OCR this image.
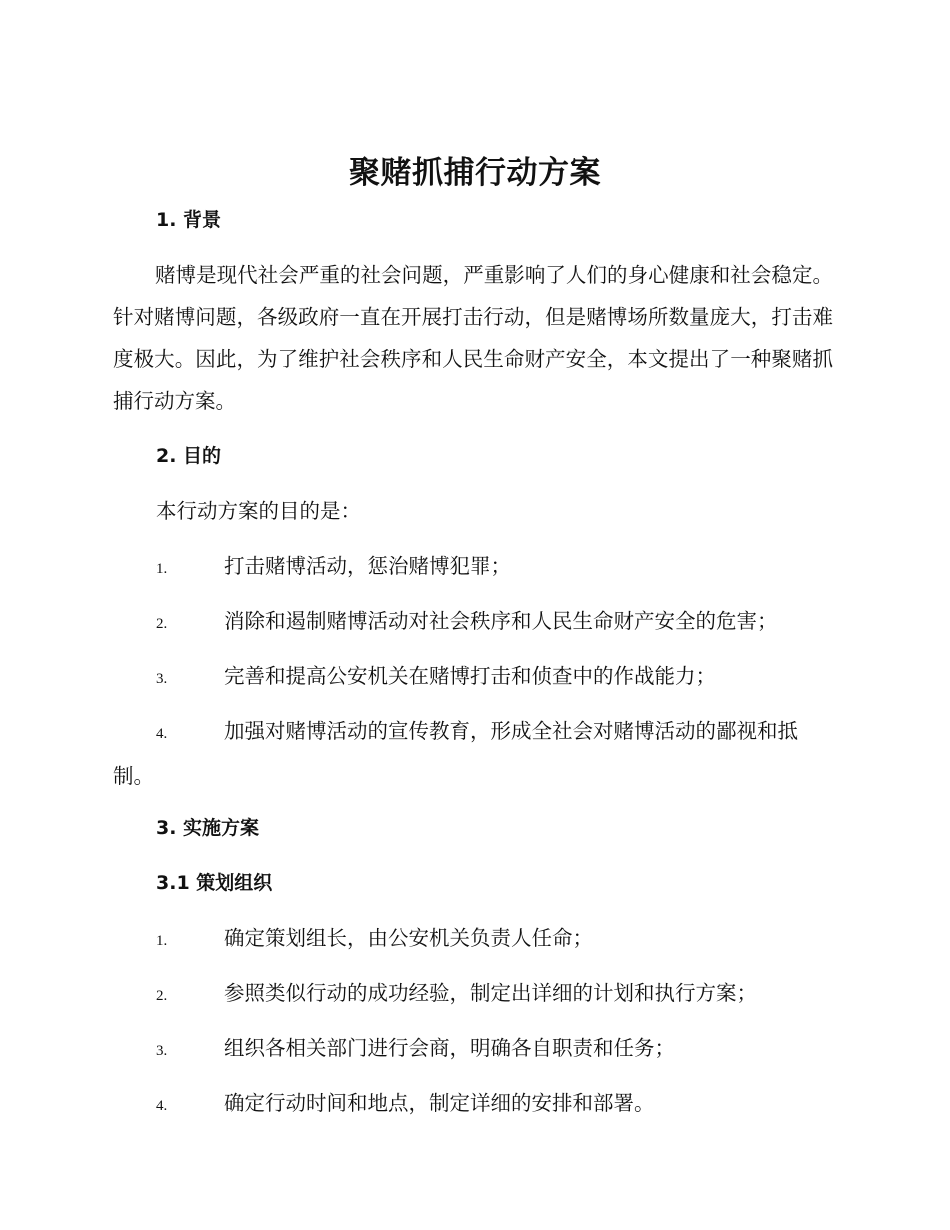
聚赌抓捕行动方案
1. 背景
赌博是现代社会严重的社会问题，严重影响了人们的身心健康和社会稳定。针对赌博问题，各级政府一直在开展打击行动，但是赌博场所数量庞大，打击难度极大。因此，为了维护社会秩序和人民生命财产安全，本文提出了一种聚赌抓捕行动方案。
2. 目的
本行动方案的目的是：
1.	打击赌博活动，惩治赌博犯罪；
2.	消除和遏制赌博活动对社会秩序和人民生命财产安全的危害；
3.	完善和提高公安机关在赌博打击和侦查中的作战能力；
4.	加强对赌博活动的宣传教育，形成全社会对赌博活动的鄙视和抵制。
3. 实施方案
3.1 策划组织
1.	确定策划组长，由公安机关负责人任命；
2.	参照类似行动的成功经验，制定出详细的计划和执行方案；
3.	组织各相关部门进行会商，明确各自职责和任务；
4.	确定行动时间和地点，制定详细的安排和部署。
